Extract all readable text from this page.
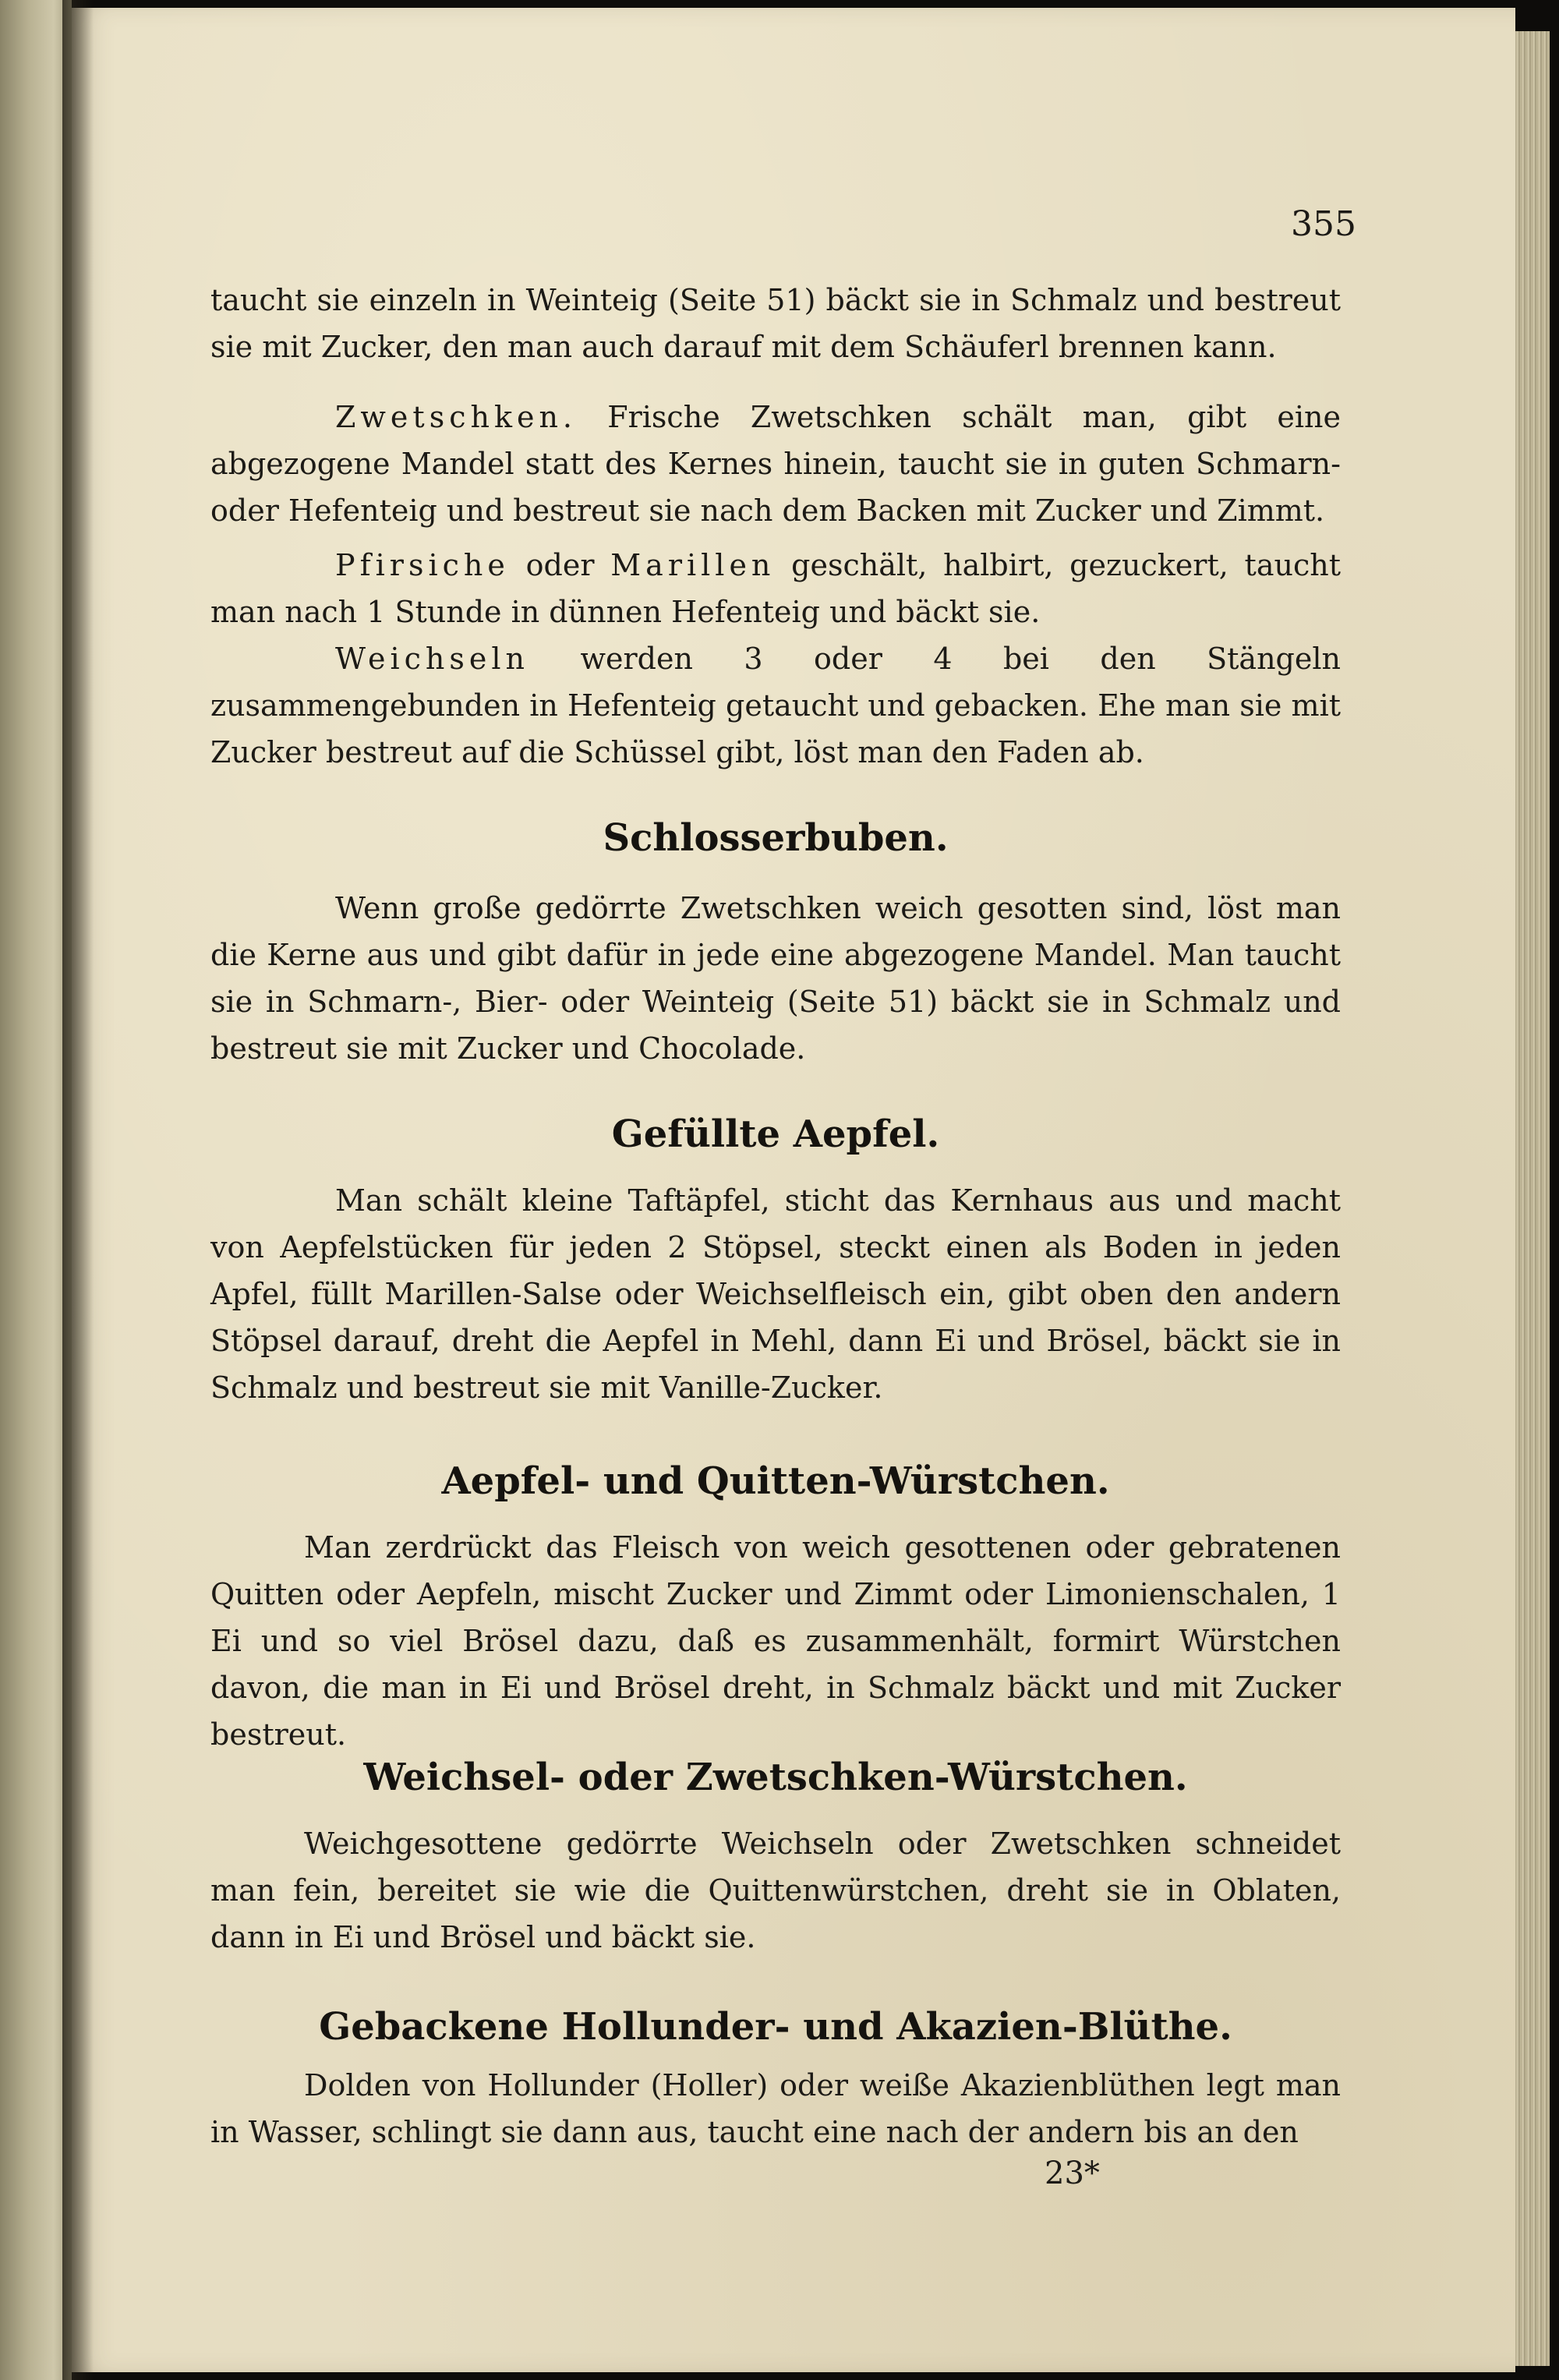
355
taucht sie einzeln in Weinteig (Seite 51) bäckt sie in Schmalz und bestreut sie mit Zucker, den man auch darauf mit dem Schäuferl brennen kann.
Zwetschken. Frische Zwetschken schält man, gibt eine abgezogene Mandel statt des Kernes hinein, taucht sie in guten Schmarn- oder Hefenteig und bestreut sie nach dem Backen mit Zucker und Zimmt.
Pfirsiche oder Marillen geschält, halbirt, gezuckert, taucht man nach 1 Stunde in dünnen Hefenteig und bäckt sie.
Weichseln werden 3 oder 4 bei den Stängeln zusammengebunden in Hefenteig getaucht und gebacken. Ehe man sie mit Zucker bestreut auf die Schüssel gibt, löst man den Faden ab.
Schlosserbuben.
Wenn große gedörrte Zwetschken weich gesotten sind, löst man die Kerne aus und gibt dafür in jede eine abgezogene Mandel. Man taucht sie in Schmarn-, Bier- oder Weinteig (Seite 51) bäckt sie in Schmalz und bestreut sie mit Zucker und Chocolade.
Gefüllte Aepfel.
Man schält kleine Taftäpfel, sticht das Kernhaus aus und macht von Aepfelstücken für jeden 2 Stöpsel, steckt einen als Boden in jeden Apfel, füllt Marillen-Salse oder Weichselfleisch ein, gibt oben den andern Stöpsel darauf, dreht die Aepfel in Mehl, dann Ei und Brösel, bäckt sie in Schmalz und bestreut sie mit Vanille-Zucker.
Aepfel- und Quitten-Würstchen.
Man zerdrückt das Fleisch von weich gesottenen oder gebratenen Quitten oder Aepfeln, mischt Zucker und Zimmt oder Limonienschalen, 1 Ei und so viel Brösel dazu, daß es zusammenhält, formirt Würstchen davon, die man in Ei und Brösel dreht, in Schmalz bäckt und mit Zucker bestreut.
Weichsel- oder Zwetschken-Würstchen.
Weichgesottene gedörrte Weichseln oder Zwetschken schneidet man fein, bereitet sie wie die Quittenwürstchen, dreht sie in Oblaten, dann in Ei und Brösel und bäckt sie.
Gebackene Hollunder- und Akazien-Blüthe.
Dolden von Hollunder (Holler) oder weiße Akazienblüthen legt man in Wasser, schlingt sie dann aus, taucht eine nach der andern bis an den
23*
